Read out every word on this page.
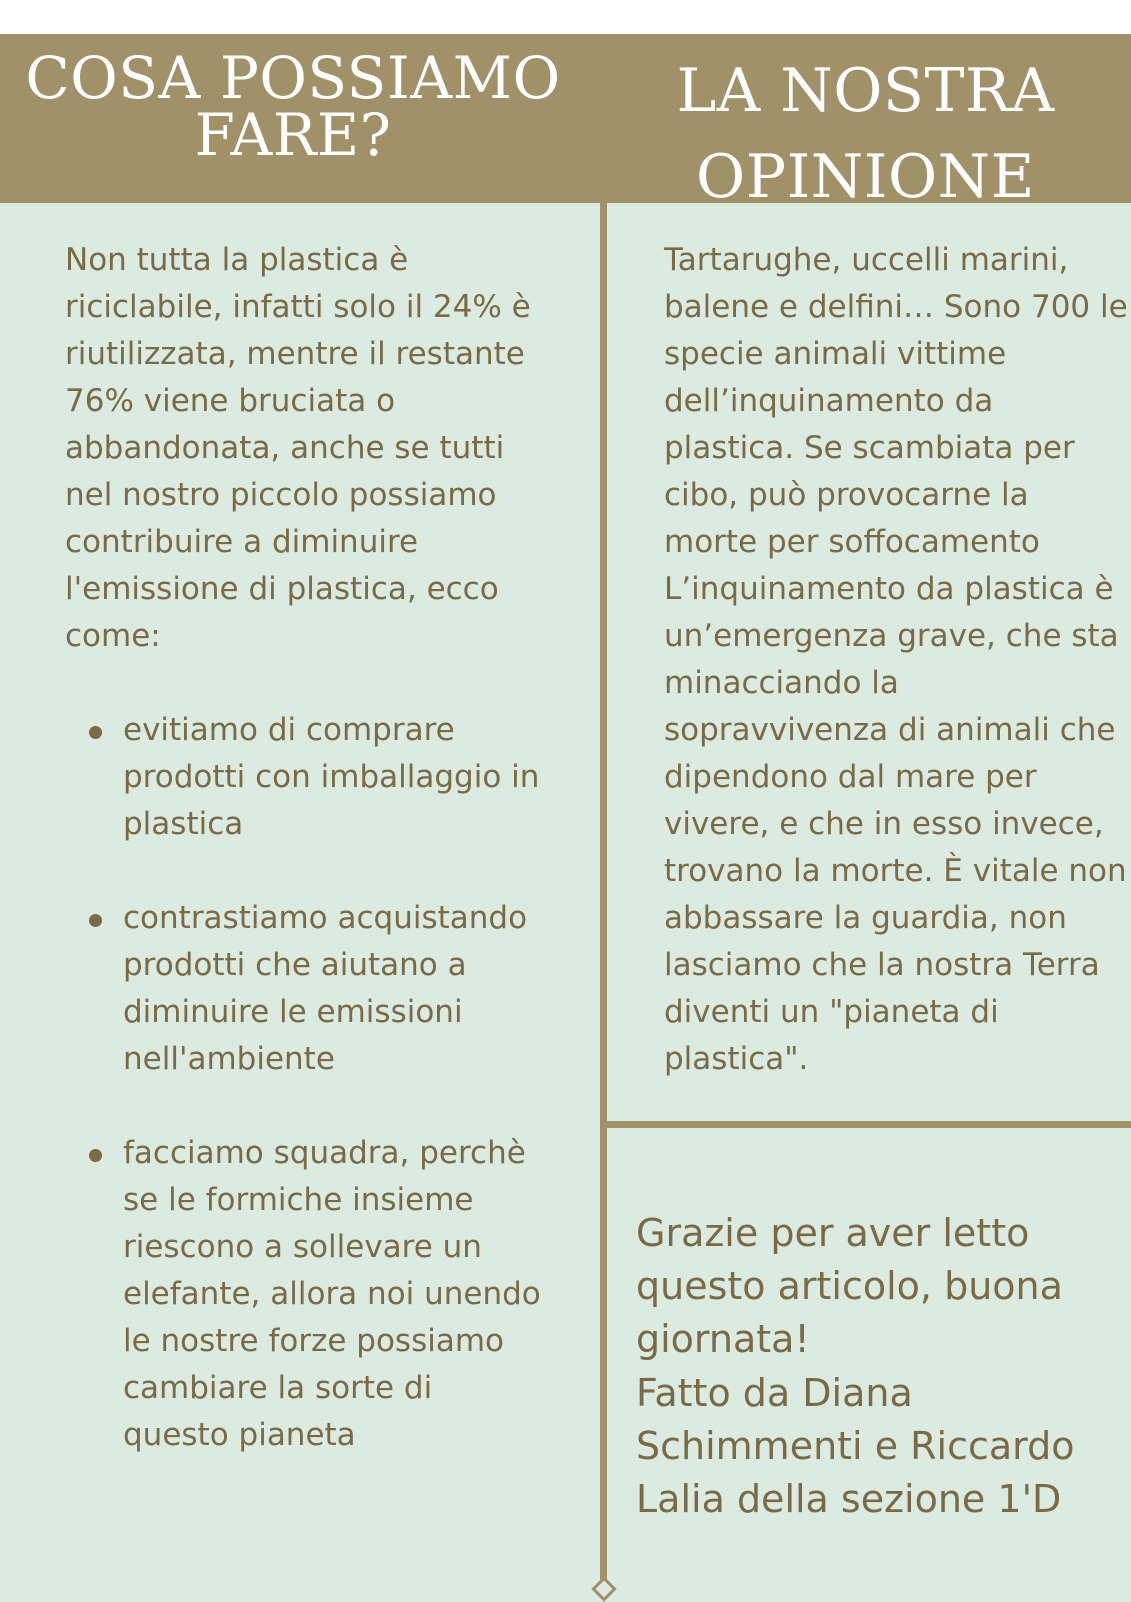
COSA POSSIAMO FARE?
LA NOSTRA OPINIONE

Non tutta la plastica è riciclabile, infatti solo il 24% è riutilizzata, mentre il restante 76% viene bruciata o abbandonata, anche se tutti nel nostro piccolo possiamo contribuire a diminuire l'emissione di plastica, ecco come:

evitiamo di comprare prodotti con imballaggio in plastica
contrastiamo acquistando prodotti che aiutano a diminuire le emissioni nell'ambiente
facciamo squadra, perchè se le formiche insieme riescono a sollevare un elefante, allora noi unendo le nostre forze possiamo cambiare la sorte di questo pianeta

Tartarughe, uccelli marini, balene e delfini… Sono 700 le specie animali vittime dell’inquinamento da plastica. Se scambiata per cibo, può provocarne la morte per soffocamento L’inquinamento da plastica è un’emergenza grave, che sta minacciando la sopravvivenza di animali che dipendono dal mare per vivere, e che in esso invece, trovano la morte. È vitale non abbassare la guardia, non lasciamo che la nostra Terra diventi un "pianeta di plastica".

Grazie per aver letto questo articolo, buona giornata!

Fatto da Diana Schimmenti e Riccardo Lalia della sezione 1'D
